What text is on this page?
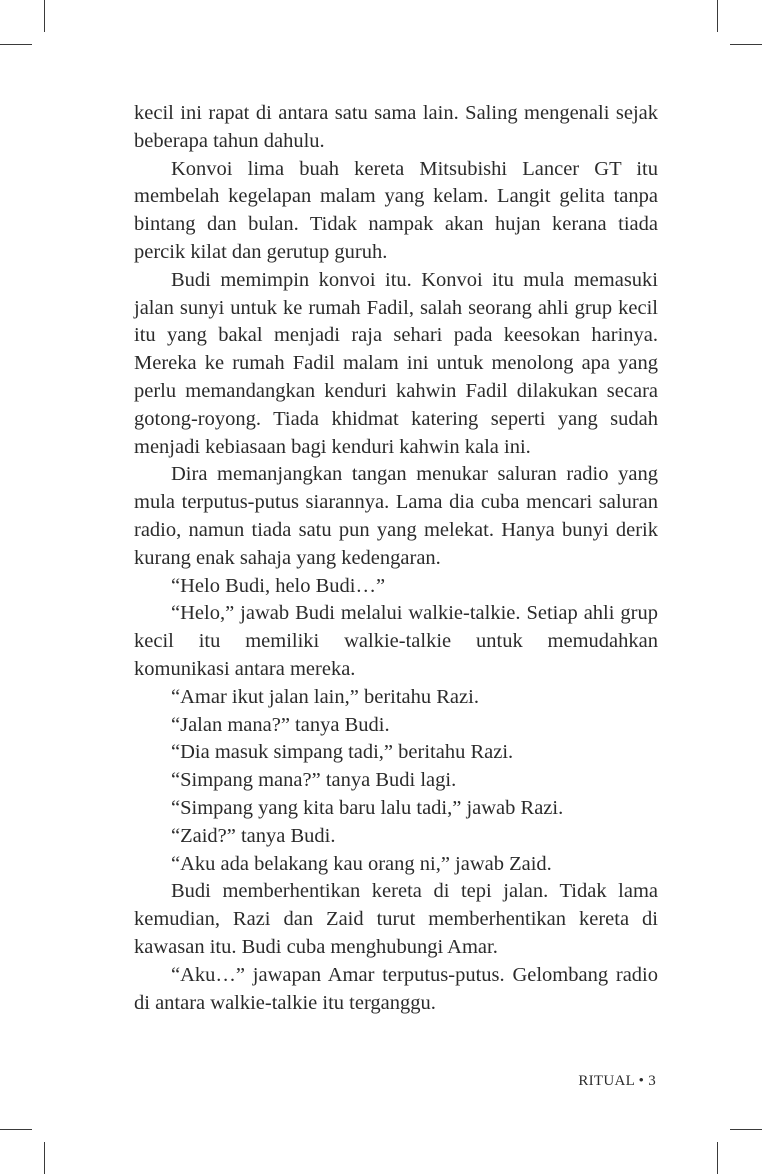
kecil ini rapat di antara satu sama lain. Saling mengenali sejak beberapa tahun dahulu.

Konvoi lima buah kereta Mitsubishi Lancer GT itu membelah kegelapan malam yang kelam. Langit gelita tanpa bintang dan bulan. Tidak nampak akan hujan kerana tiada percik kilat dan gerutup guruh.

Budi memimpin konvoi itu. Konvoi itu mula memasuki jalan sunyi untuk ke rumah Fadil, salah seorang ahli grup kecil itu yang bakal menjadi raja sehari pada keesokan harinya. Mereka ke rumah Fadil malam ini untuk menolong apa yang perlu memandangkan kenduri kahwin Fadil dilakukan secara gotong-royong. Tiada khidmat katering seperti yang sudah menjadi kebiasaan bagi kenduri kahwin kala ini.

Dira memanjangkan tangan menukar saluran radio yang mula terputus-putus siarannya. Lama dia cuba mencari saluran radio, namun tiada satu pun yang melekat. Hanya bunyi derik kurang enak sahaja yang kedengaran.

“Helo Budi, helo Budi…”

“Helo,” jawab Budi melalui walkie-talkie. Setiap ahli grup kecil itu memiliki walkie-talkie untuk memudahkan komunikasi antara mereka.

“Amar ikut jalan lain,” beritahu Razi.

“Jalan mana?” tanya Budi.

“Dia masuk simpang tadi,” beritahu Razi.

“Simpang mana?” tanya Budi lagi.

“Simpang yang kita baru lalu tadi,” jawab Razi.

“Zaid?” tanya Budi.

“Aku ada belakang kau orang ni,” jawab Zaid.

Budi memberhentikan kereta di tepi jalan. Tidak lama kemudian, Razi dan Zaid turut memberhentikan kereta di kawasan itu. Budi cuba menghubungi Amar.

“Aku…” jawapan Amar terputus-putus. Gelombang radio di antara walkie-talkie itu terganggu.

RITUAL • 3
